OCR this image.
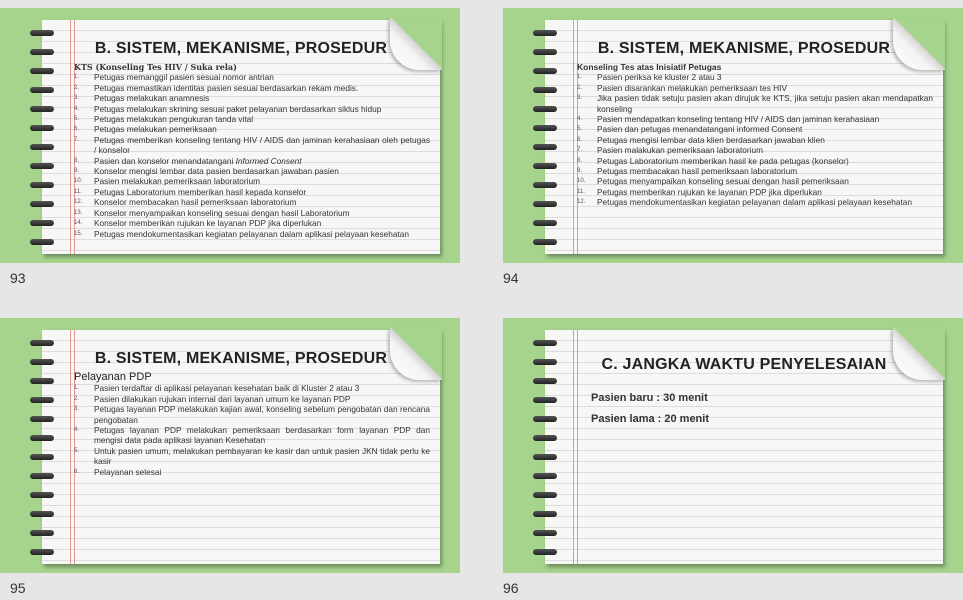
B. SISTEM, MEKANISME, PROSEDUR
KTS (Konseling Tes HIV / Suka rela)
1.	Petugas memanggil pasien sesuai nomor antrian
2.	Petugas memastikan identitas pasien sesuai berdasarkan rekam medis.
3.	Petugas melakukan anamnesis
4.	Petugas melakukan skrining sesuai paket pelayanan berdasarkan siklus hidup
5.	Petugas melakukan pengukuran tanda vital
6.	Petugas melakukan pemeriksaan
7.	Petugas memberikan konseling tentang HIV / AIDS dan jaminan kerahasiaan oleh petugas / konselor
8.	Pasien dan konselor menandatangani Informed Consent
9.	Konselor mengisi lembar data pasien berdasarkan jawaban pasien
10.	Pasien melakukan pemeriksaan laboratorium
11.	Petugas Laboratorium memberikan hasil kepada konselor
12.	Konselor membacakan hasil pemeriksaan laboratorium
13.	Konselor menyampaikan konseling sesuai dengan hasil Laboratorium
14.	Konselor memberikan rujukan ke layanan PDP jika diperlukan
15.	Petugas mendokumentasikan kegiatan pelayanan dalam aplikasi pelayaan kesehatan
93
B. SISTEM, MEKANISME, PROSEDUR
Konseling Tes atas Inisiatif Petugas
1.	Pasien periksa ke kluster 2 atau 3
2.	Pasien disarankan melakukan pemeriksaan tes HIV
3.	Jika pasien tidak setuju pasien akan dirujuk ke KTS, jika setuju pasien akan mendapatkan konseling
4.	Pasien mendapatkan konseling tentang HIV / AIDS dan jaminan kerahasiaan
5.	Pasien dan petugas menandatangani informed Consent
6.	Petugas mengisi lembar data klien berdasarkan jawaban klien
7.	Pasien malakukan pemeriksaan laboratorium
8.	Petugas Laboratorium memberikan hasil ke pada petugas (konselor)
9.	Petugas membacakan hasil pemeriksaan laboratorium
10.	Petugas menyampaikan konseling sesuai dengan hasil pemeriksaan
11.	Petugas memberikan rujukan ke layanan PDP jika diperlukan
12.	Petugas mendokumentasikan kegiatan pelayanan dalam aplikasi pelayaan kesehatan
94
B. SISTEM, MEKANISME, PROSEDUR
Pelayanan PDP
1.	Pasien terdaftar di aplikasi pelayanan kesehatan baik di Kluster 2 atau 3
2.	Pasien dilakukan rujukan internal dari layanan umum ke layanan PDP
3.	Petugas layanan PDP melakukan kajian awal, konseling sebelum pengobatan dan rencana pengobatan
4.	Petugas layanan PDP melakukan pemeriksaan berdasarkan form layanan PDP dan mengisi data pada aplikasi layanan Kesehatan
5.	Untuk pasien umum, melakukan pembayaran ke kasir dan untuk pasien JKN tidak perlu ke kasir
6.	Pelayanan selesai
95
C. JANGKA WAKTU PENYELESAIAN
Pasien baru : 30 menit
Pasien lama : 20 menit
96
